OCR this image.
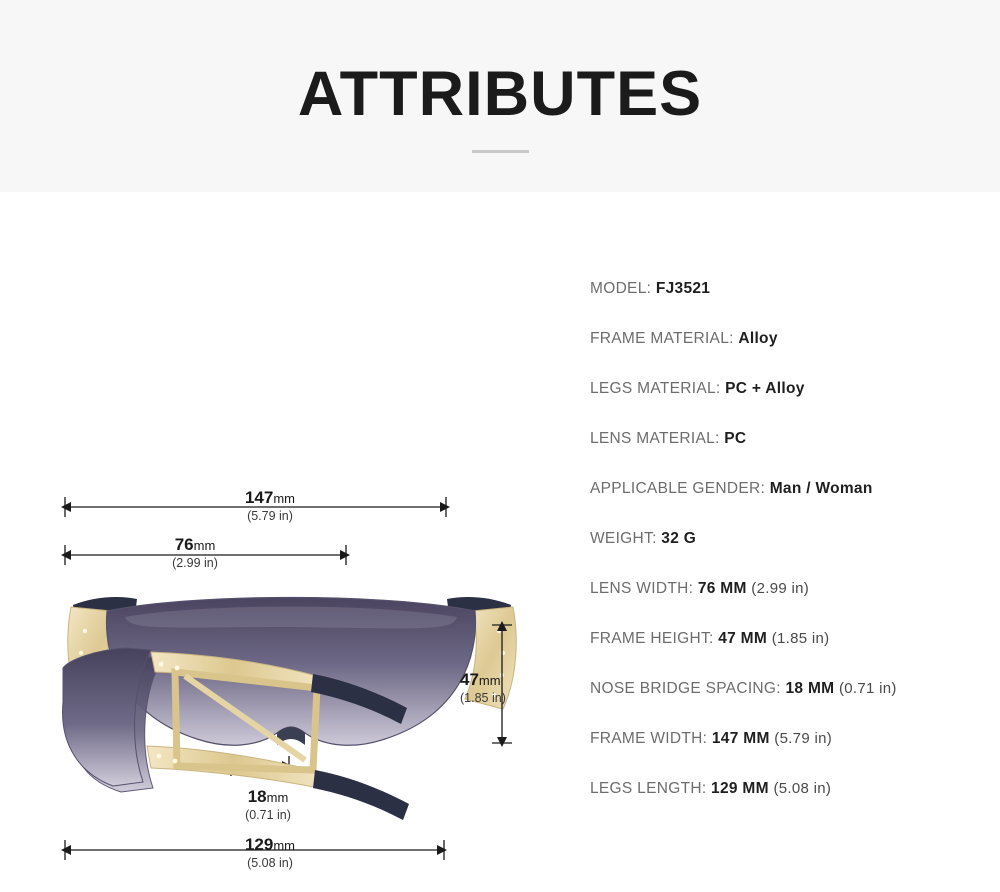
ATTRIBUTES
147mm
(5.79 in)
76mm
(2.99 in)
47mm
(1.85 in)
18mm
(0.71 in)
129mm
(5.08 in)
MODEL: FJ3521
FRAME MATERIAL: Alloy
LEGS MATERIAL: PC + Alloy
LENS MATERIAL: PC
APPLICABLE GENDER: Man / Woman
WEIGHT: 32 G
LENS WIDTH: 76 MM (2.99 in)
FRAME HEIGHT: 47 MM (1.85 in)
NOSE BRIDGE SPACING: 18 MM (0.71 in)
FRAME WIDTH: 147 MM (5.79 in)
LEGS LENGTH: 129 MM (5.08 in)
